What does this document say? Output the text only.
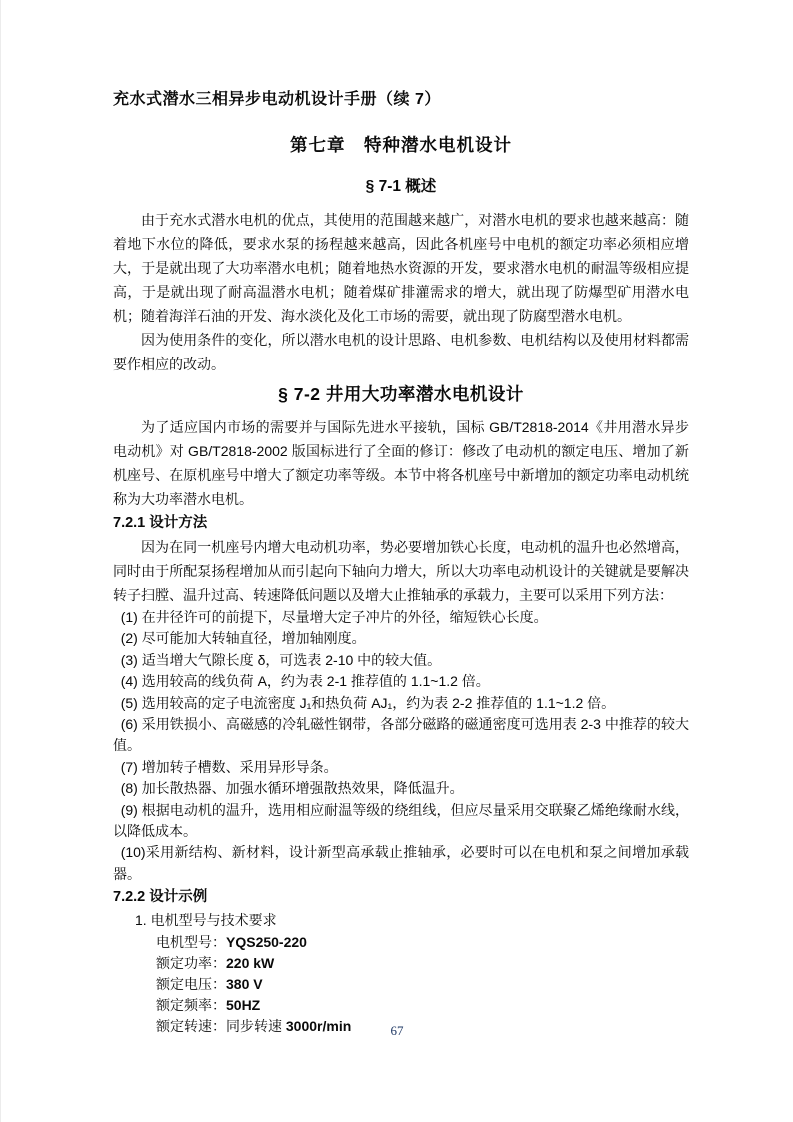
充水式潜水三相异步电动机设计手册（续 7）
第七章　特种潜水电机设计
§ 7-1 概述

由于充水式潜水电机的优点，其使用的范围越来越广，对潜水电机的要求也越来越高：随着地下水位的降低，要求水泵的扬程越来越高，因此各机座号中电机的额定功率必须相应增大，于是就出现了大功率潜水电机；随着地热水资源的开发，要求潜水电机的耐温等级相应提高，于是就出现了耐高温潜水电机；随着煤矿排灌需求的增大，就出现了防爆型矿用潜水电机；随着海洋石油的开发、海水淡化及化工市场的需要，就出现了防腐型潜水电机。

因为使用条件的变化，所以潜水电机的设计思路、电机参数、电机结构以及使用材料都需要作相应的改动。

§ 7-2 井用大功率潜水电机设计

为了适应国内市场的需要并与国际先进水平接轨，国标 GB/T2818-2014《井用潜水异步电动机》对 GB/T2818-2002 版国标进行了全面的修订：修改了电动机的额定电压、增加了新机座号、在原机座号中增大了额定功率等级。本节中将各机座号中新增加的额定功率电动机统称为大功率潜水电机。

7.2.1 设计方法

因为在同一机座号内增大电动机功率，势必要增加铁心长度，电动机的温升也必然增高，同时由于所配泵扬程增加从而引起向下轴向力增大，所以大功率电动机设计的关键就是要解决转子扫膛、温升过高、转速降低问题以及增大止推轴承的承载力，主要可以采用下列方法：

(1) 在井径许可的前提下，尽量增大定子冲片的外径，缩短铁心长度。

(2) 尽可能加大转轴直径，增加轴刚度。

(3) 适当增大气隙长度 δ，可选表 2-10 中的较大值。

(4) 选用较高的线负荷 A，约为表 2-1 推荐值的 1.1~1.2 倍。

(5) 选用较高的定子电流密度 J₁和热负荷 AJ₁，约为表 2-2 推荐值的 1.1~1.2 倍。

(6) 采用铁损小、高磁感的冷轧磁性钢带，各部分磁路的磁通密度可选用表 2-3 中推荐的较大值。

(7) 增加转子槽数、采用异形导条。

(8) 加长散热器、加强水循环增强散热效果，降低温升。

(9) 根据电动机的温升，选用相应耐温等级的绕组线，但应尽量采用交联聚乙烯绝缘耐水线，以降低成本。

(10)采用新结构、新材料，设计新型高承载止推轴承，必要时可以在电机和泵之间增加承载器。

7.2.2 设计示例

1. 电机型号与技术要求

电机型号：YQS250-220

额定功率：220 kW

额定电压：380 V

额定频率：50HZ

额定转速：同步转速 3000r/min	67
